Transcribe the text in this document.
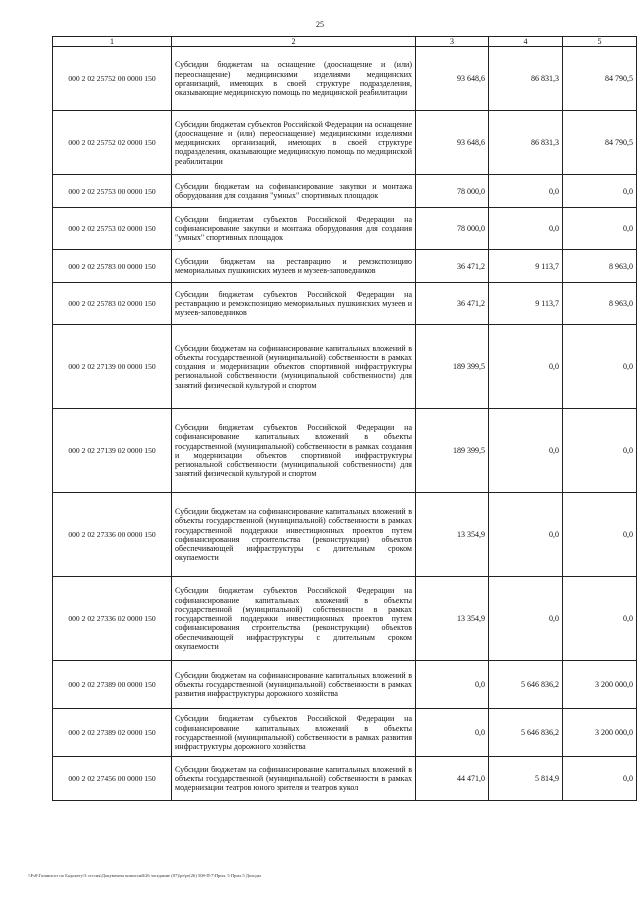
25
1	2	3	4	5
000 2 02 25752 00 0000 150	Субсидии бюджетам на оснащение (дооснащение и (или) переоснащение) медицинскими изделиями медицинских организаций, имеющих в своей структуре подразделения, оказывающие медицинскую помощь по медицинской реабилитации	93 648,6	86 831,3	84 790,5
000 2 02 25752 02 0000 150	Субсидии бюджетам субъектов Российской Федерации на оснащение (дооснащение и (или) переоснащение) медицинскими изделиями медицинских организаций, имеющих в своей структуре подразделения, оказывающие медицинскую помощь по медицинской реабилитации	93 648,6	86 831,3	84 790,5
000 2 02 25753 00 0000 150	Субсидии бюджетам на софинансирование закупки и монтажа оборудования для создания "умных" спортивных площадок	78 000,0	0,0	0,0
000 2 02 25753 02 0000 150	Субсидии бюджетам субъектов Российской Федерации на софинансирование закупки и монтажа оборудования для создания "умных" спортивных площадок	78 000,0	0,0	0,0
000 2 02 25783 00 0000 150	Субсидии бюджетам на реставрацию и ремэкспозицию мемориальных пушкинских музеев и музеев-заповедников	36 471,2	9 113,7	8 963,0
000 2 02 25783 02 0000 150	Субсидии бюджетам субъектов Российской Федерации на реставрацию и ремэкспозицию мемориальных пушкинских музеев и музеев-заповедников	36 471,2	9 113,7	8 963,0
000 2 02 27139 00 0000 150	Субсидии бюджетам на софинансирование капитальных вложений в объекты государственной (муниципальной) собственности в рамках создания и модернизации объектов спортивной инфраструктуры региональной собственности (муниципальной собственности) для занятий физической культурой и спортом	189 399,5	0,0	0,0
000 2 02 27139 02 0000 150	Субсидии бюджетам субъектов Российской Федерации на софинансирование капитальных вложений в объекты государственной (муниципальной) собственности в рамках создания и модернизации объектов спортивной инфраструктуры региональной собственности (муниципальной собственности) для занятий физической культурой и спортом	189 399,5	0,0	0,0
000 2 02 27336 00 0000 150	Субсидии бюджетам на софинансирование капитальных вложений в объекты государственной (муниципальной) собственности в рамках государственной поддержки инвестиционных проектов путем софинансирования строительства (реконструкции) объектов обеспечивающей инфраструктуры с длительным сроком окупаемости	13 354,9	0,0	0,0
000 2 02 27336 02 0000 150	Субсидии бюджетам субъектов Российской Федерации на софинансирование капитальных вложений в объекты государственной (муниципальной) собственности в рамках государственной поддержки инвестиционных проектов путем софинансирования строительства (реконструкции) объектов обеспечивающей инфраструктуры с длительным сроком окупаемости	13 354,9	0,0	0,0
000 2 02 27389 00 0000 150	Субсидии бюджетам на софинансирование капитальных вложений в объекты государственной (муниципальной) собственности в рамках развития инфраструктуры дорожного хозяйства	0,0	5 646 836,2	3 200 000,0
000 2 02 27389 02 0000 150	Субсидии бюджетам субъектов Российской Федерации на софинансирование капитальных вложений в объекты государственной (муниципальной) собственности в рамках развития инфраструктуры дорожного хозяйства	0,0	5 646 836,2	3 200 000,0
000 2 02 27456 00 0000 150	Субсидии бюджетам на софинансирование капитальных вложений в объекты государственной (муниципальной) собственности в рамках модернизации театров юного зрителя и театров кукол	44 471,0	5 814,9	0,0
\\Fs0\Газанисот по Бадокету\3 сессия\Документы комиссий\26 заседание (07)\pr\pr(26) 508-П-7\Прил. 5 Прил.5 Доходы
